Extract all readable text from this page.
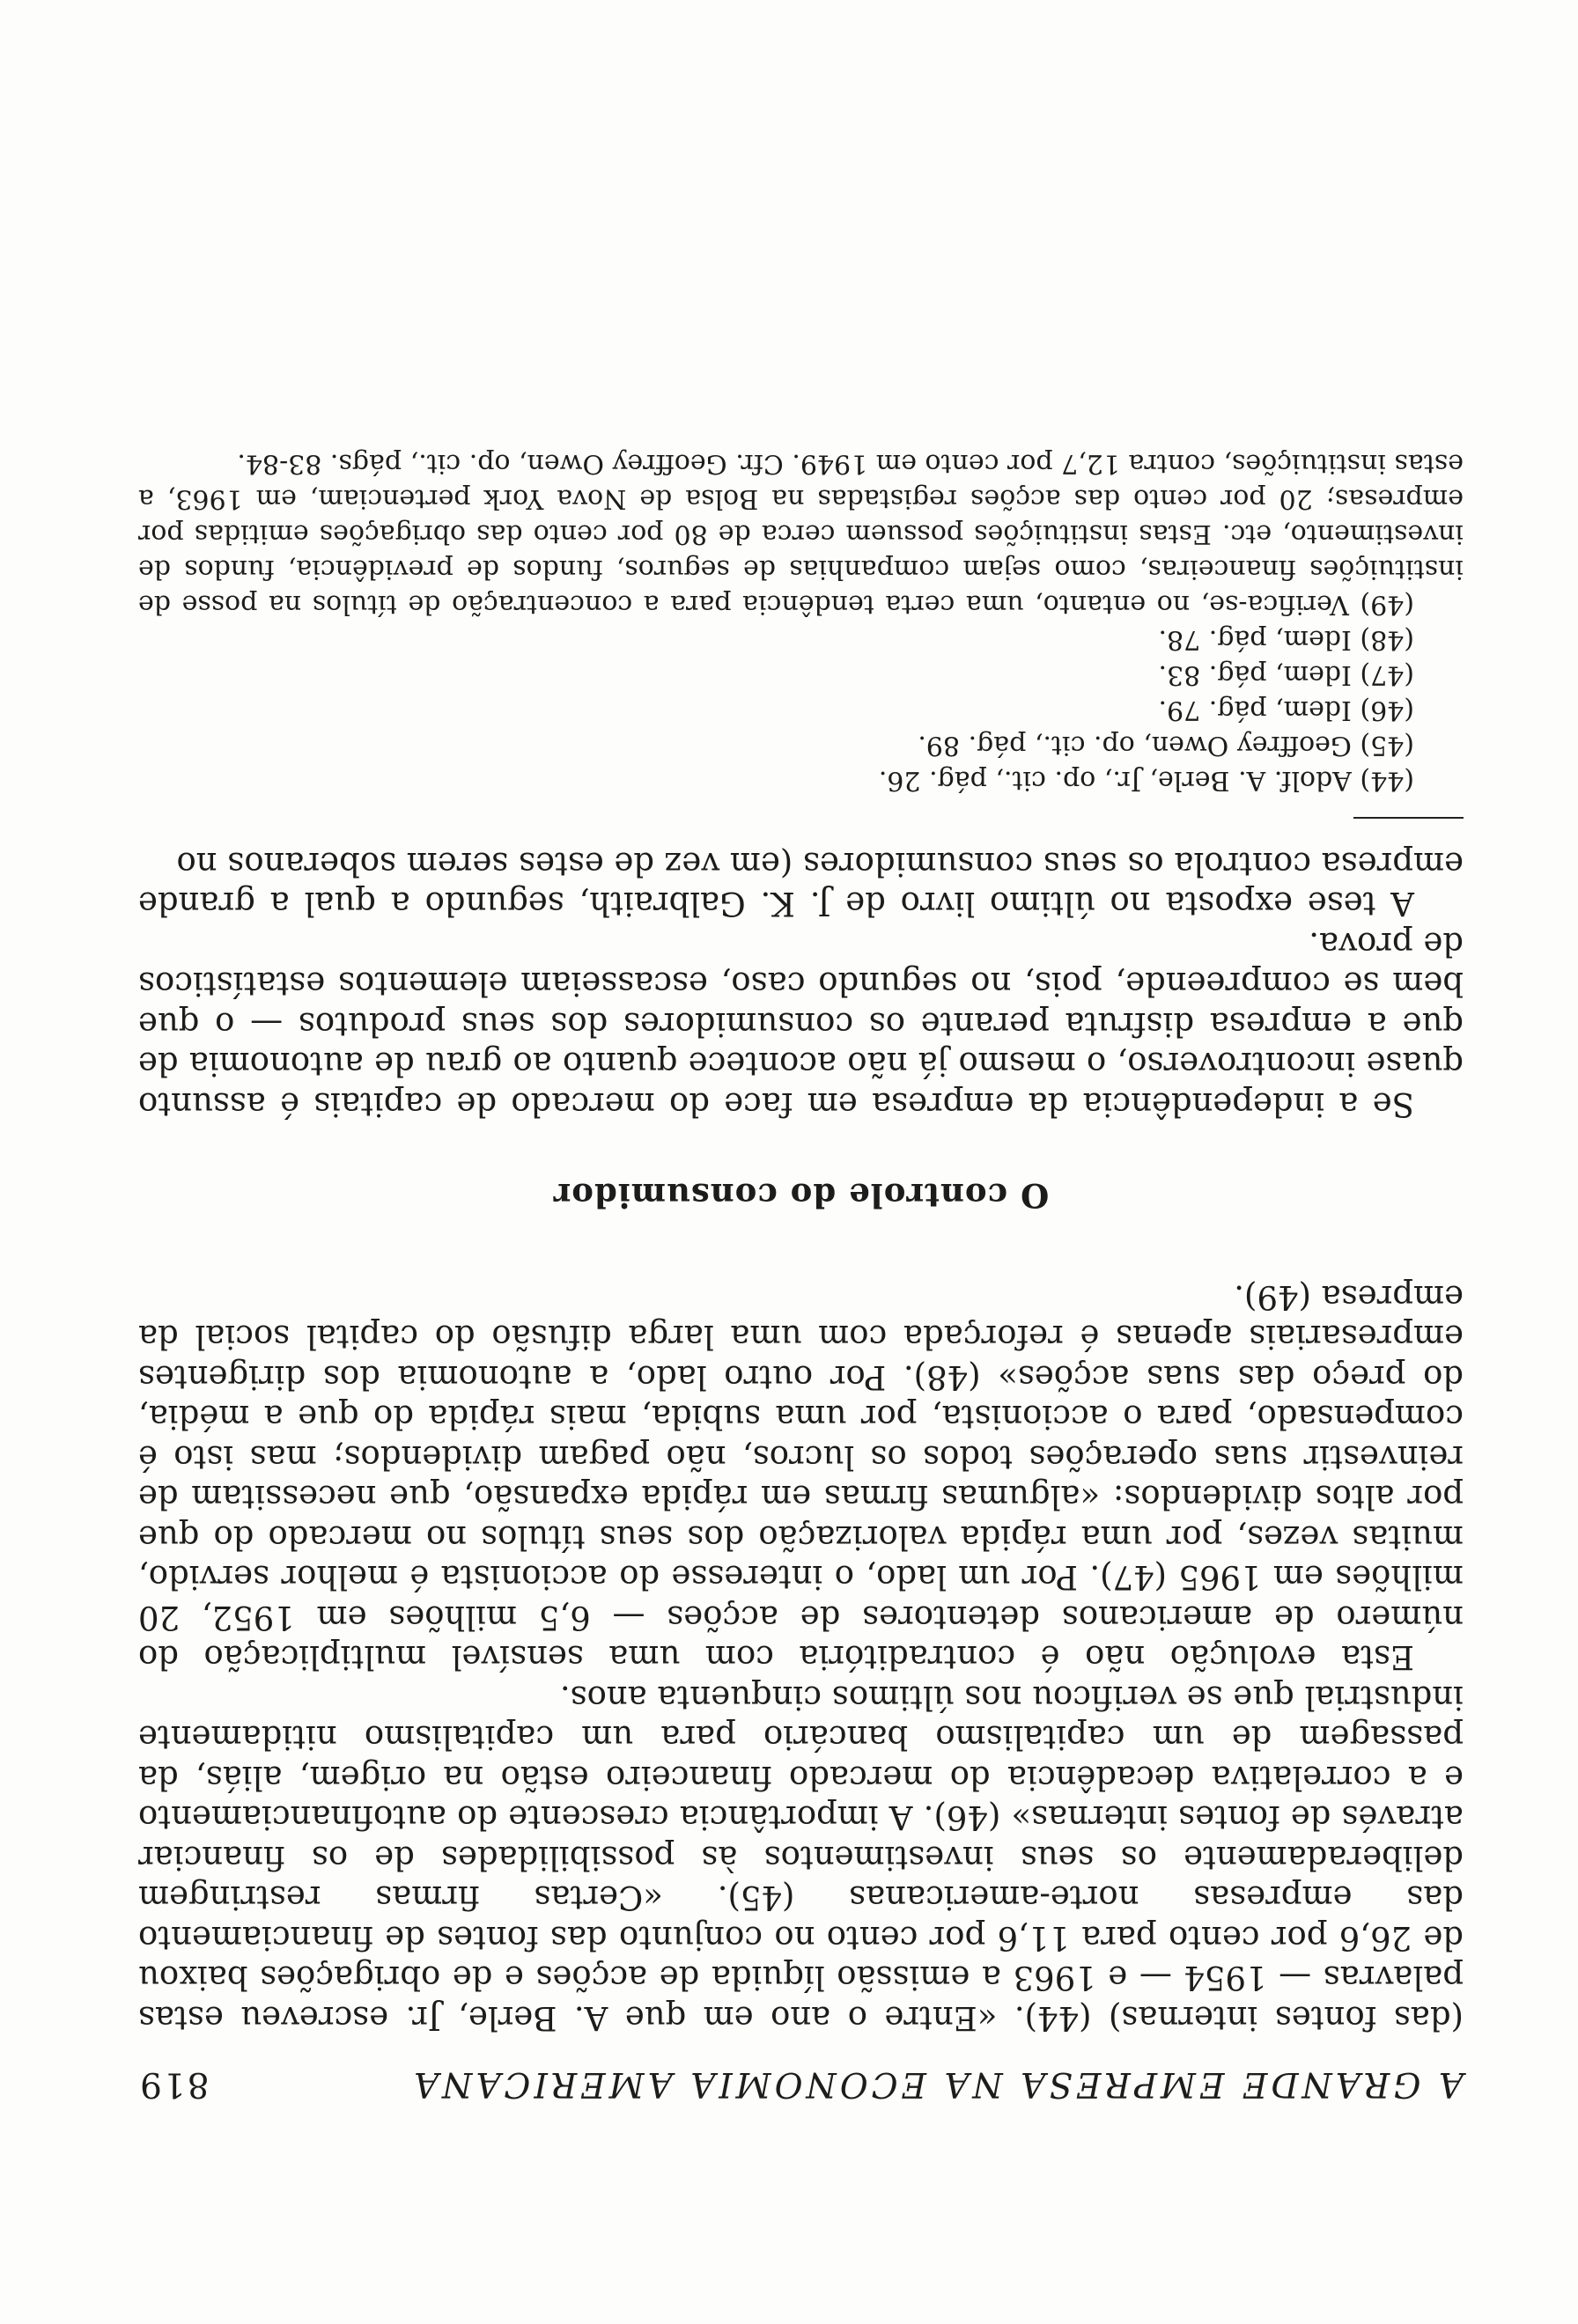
A GRANDE EMPRESA NA ECONOMIA AMERICANA
819

(das fontes internas) (44). «Entre o ano em que A. Berle, Jr. escreveu estas palavras — 1954 — e 1963 a emissão líquida de acções e de obrigações baixou de 26,6 por cento para 11,6 por cento no conjunto das fontes de financiamento das empresas norte-americanas (45). «Certas firmas restringem deliberadamente os seus investimentos às possibilidades de os financiar através de fontes internas» (46). A importância crescente do autofinanciamento e a correlativa decadência do mercado financeiro estão na origem, aliás, da passagem de um capitalismo bancário para um capitalismo nitidamente industrial que se verificou nos últimos cinquenta anos.

Esta evolução não é contraditória com uma sensível multiplicação do número de americanos detentores de acções — 6,5 milhões em 1952, 20 milhões em 1965 (47). Por um lado, o interesse do accionista é melhor servido, muitas vezes, por uma rápida valorização dos seus títulos no mercado do que por altos dividendos: «algumas firmas em rápida expansão, que necessitam de reinvestir suas operações todos os lucros, não pagam dividendos; mas isto é compensado, para o accionista, por uma subida, mais rápida do que a média, do preço das suas acções» (48). Por outro lado, a autonomia dos dirigentes empresariais apenas é reforçada com uma larga difusão do capital social da empresa (49).

O controle do consumidor

Se a independência da empresa em face do mercado de capitais é assunto quase incontroverso, o mesmo já não acontece quanto ao grau de autonomia de que a empresa disfruta perante os consumidores dos seus produtos — o que bem se compreende, pois, no segundo caso, escasseiam elementos estatísticos de prova.

A tese exposta no último livro de J. K. Galbraith, segundo a qual a grande empresa controla os seus consumidores (em vez de estes serem soberanos no

(44) Adolf. A. Berle, Jr., op. cit., pág. 26.

(45) Geoffrey Owen, op. cit., pág. 89.

(46) Idem, pág. 79.

(47) Idem, pág. 83.

(48) Idem, pág. 78.

(49) Verifica-se, no entanto, uma certa tendência para a concentração de títulos na posse de instituições financeiras, como sejam companhias de seguros, fundos de previdência, fundos de investimento, etc. Estas instituições possuem cerca de 80 por cento das obrigações emitidas por empresas; 20 por cento das acções registadas na Bolsa de Nova York pertenciam, em 1963, a estas instituições, contra 12,7 por cento em 1949. Cfr. Geoffrey Owen, op. cit., págs. 83-84.
